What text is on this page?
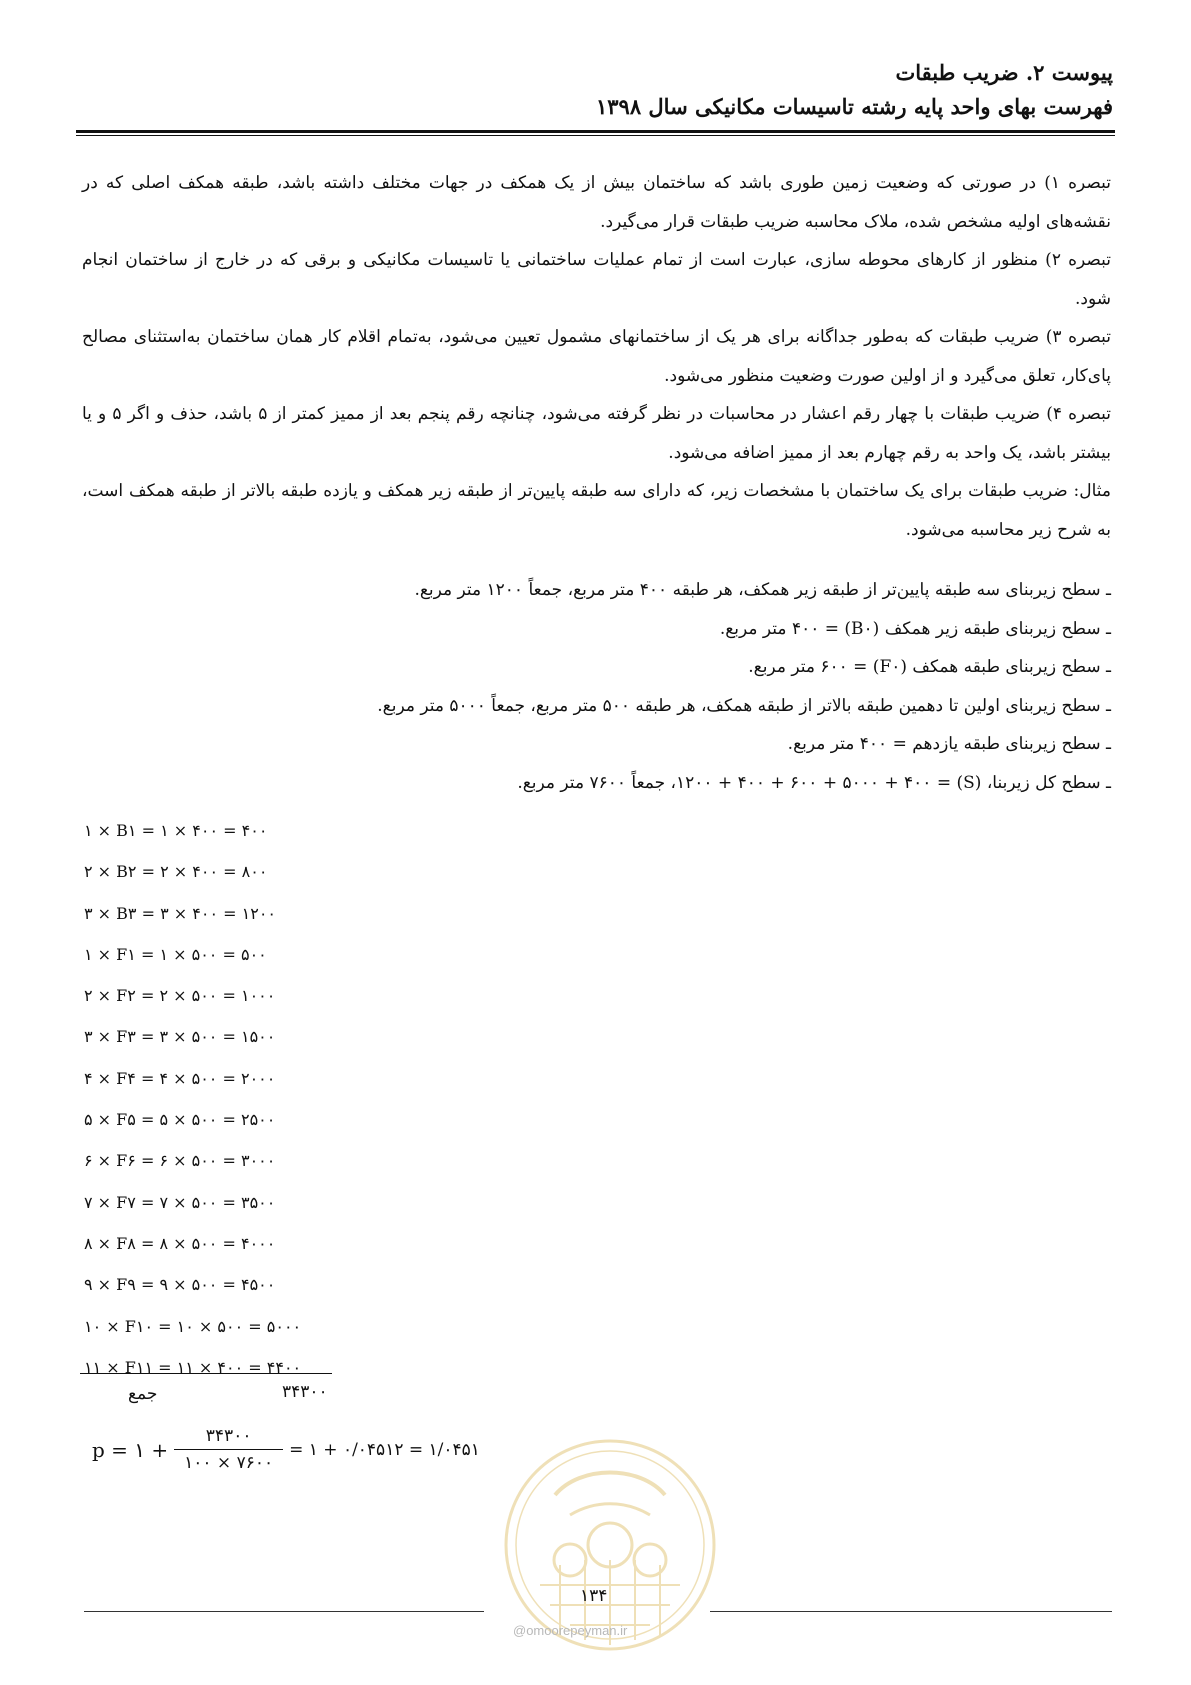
پیوست ۲. ضریب طبقات
فهرست بهای واحد پایه رشته تاسیسات مکانیکی سال ۱۳۹۸

تبصره ۱) در صورتی که وضعیت زمین طوری باشد که ساختمان بیش از یک همکف در جهات مختلف داشته باشد، طبقه همکف اصلی که در نقشه‌های اولیه مشخص شده، ملاک محاسبه ضریب طبقات قرار می‌گیرد.

تبصره ۲) منظور از کارهای محوطه سازی، عبارت است از تمام عملیات ساختمانی یا تاسیسات مکانیکی و برقی که در خارج از ساختمان انجام شود.

تبصره ۳) ضریب طبقات که به‌طور جداگانه برای هر یک از ساختمانهای مشمول تعیین می‌شود، به‌تمام اقلام کار همان ساختمان به‌استثنای مصالح پای‌کار، تعلق می‌گیرد و از اولین صورت وضعیت منظور می‌شود.

تبصره ۴) ضریب طبقات با چهار رقم اعشار در محاسبات در نظر گرفته می‌شود، چنانچه رقم پنجم بعد از ممیز کمتر از ۵ باشد، حذف و اگر ۵ و یا بیشتر باشد، یک واحد به رقم چهارم بعد از ممیز اضافه می‌شود.

مثال: ضریب طبقات برای یک ساختمان با مشخصات زیر، که دارای سه طبقه پایین‌تر از طبقه زیر همکف و یازده طبقه بالاتر از طبقه همکف است، به شرح زیر محاسبه می‌شود.

ـ سطح زیربنای سه طبقه پایین‌تر از طبقه زیر همکف، هر طبقه ۴۰۰ متر مربع، جمعاً ۱۲۰۰ متر مربع.
ـ سطح زیربنای طبقه زیر همکف (B۰) = ۴۰۰ متر مربع.
ـ سطح زیربنای طبقه همکف (F۰) = ۶۰۰ متر مربع.
ـ سطح زیربنای اولین تا دهمین طبقه بالاتر از طبقه همکف، هر طبقه ۵۰۰ متر مربع، جمعاً ۵۰۰۰ متر مربع.
ـ سطح زیربنای طبقه یازدهم = ۴۰۰ متر مربع.
ـ سطح کل زیربنا، (S) = ۱۲۰۰ + ۴۰۰ + ۶۰۰ + ۵۰۰۰ + ۴۰۰، جمعاً ۷۶۰۰ متر مربع.
۱ × B۱ = ۱ × ۴۰۰ = ۴۰۰
۲ × B۲ = ۲ × ۴۰۰ = ۸۰۰
۳ × B۳ = ۳ × ۴۰۰ = ۱۲۰۰
۱ × F۱ = ۱ × ۵۰۰ = ۵۰۰
۲ × F۲ = ۲ × ۵۰۰ = ۱۰۰۰
۳ × F۳ = ۳ × ۵۰۰ = ۱۵۰۰
۴ × F۴ = ۴ × ۵۰۰ = ۲۰۰۰
۵ × F۵ = ۵ × ۵۰۰ = ۲۵۰۰
۶ × F۶ = ۶ × ۵۰۰ = ۳۰۰۰
۷ × F۷ = ۷ × ۵۰۰ = ۳۵۰۰
۸ × F۸ = ۸ × ۵۰۰ = ۴۰۰۰
۹ × F۹ = ۹ × ۵۰۰ = ۴۵۰۰
۱۰ × F۱۰ = ۱۰ × ۵۰۰ = ۵۰۰۰
۱۱ × F۱۱ = ۱۱ × ۴۰۰ = ۴۴۰۰
جمع	۳۴۳۰۰
p = ۱ + $\frac{۳۴۳۰۰}{۱۰۰ \times ۷۶۰۰}$ = ۱ + ۰/۰۴۵۱۲ = ۱/۰۴۵۱
۱۳۴
@omoorepeyman.ir
